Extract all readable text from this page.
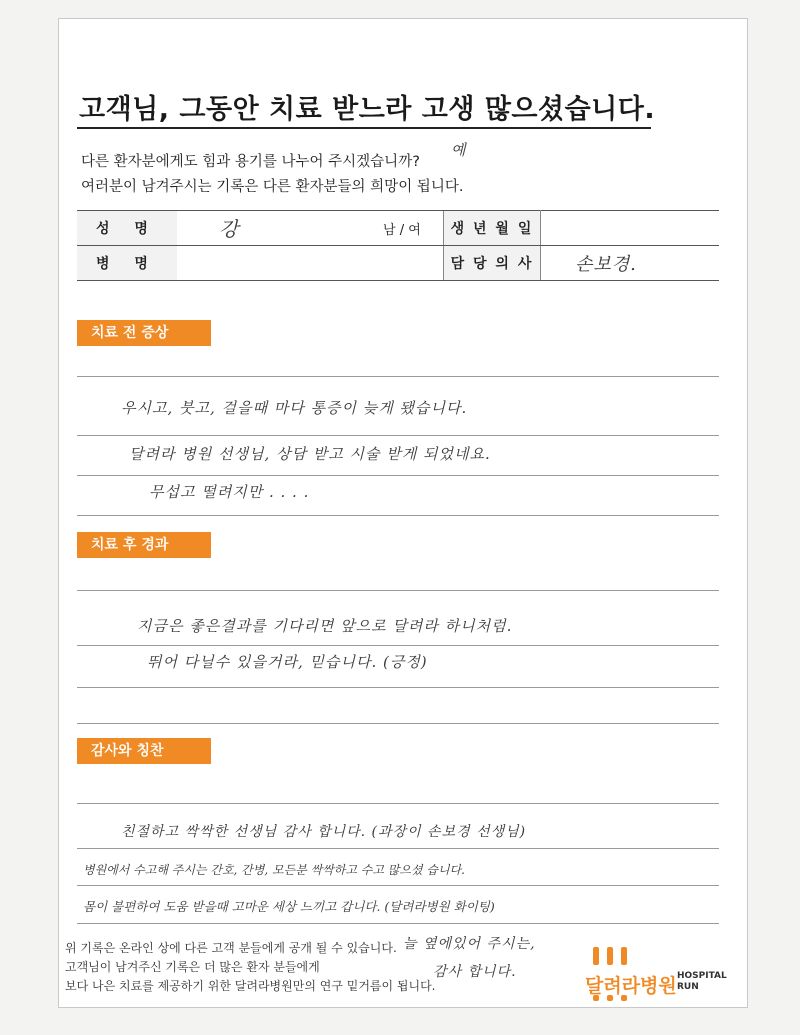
고객님, 그동안 치료 받느라 고생 많으셨습니다.
다른 환자분에게도 힘과 용기를 나누어 주시겠습니까?
예
여러분이 남겨주시는 기록은 다른 환자분들의 희망이 됩니다.
성 명	강	남 / 여	생 년 월 일	
병 명			담 당 의 사	손보경.
치료 전 증상
우시고, 붓고, 걸을때 마다 통증이 늦게 됐습니다.
달려라 병원 선생님, 상담 받고 시술 받게 되었네요.
무섭고 떨려지만 . . . .
치료 후 경과
지금은 좋은결과를 기다리면 앞으로 달려라 하니처럼.
뛰어 다닐수 있을거라, 믿습니다. (긍정)
감사와 칭찬
친절하고 싹싹한 선생님 감사 합니다. (과장이 손보경 선생님)
병원에서 수고해 주시는 간호, 간병, 모든분 싹싹하고 수고 많으셨 습니다.
몸이 불편하여 도움 받을때 고마운 세상 느끼고 갑니다. (달려라병원 화이팅)
늘 옆에있어 주시는,
감사 합니다.
위 기록은 온라인 상에 다른 고객 분들에게 공개 될 수 있습니다.
고객님이 남겨주신 기록은 더 많은 환자 분들에게
보다 나은 치료를 제공하기 위한 달려라병원만의 연구 밑거름이 됩니다.	달려라병원 HOSPITAL
RUN
